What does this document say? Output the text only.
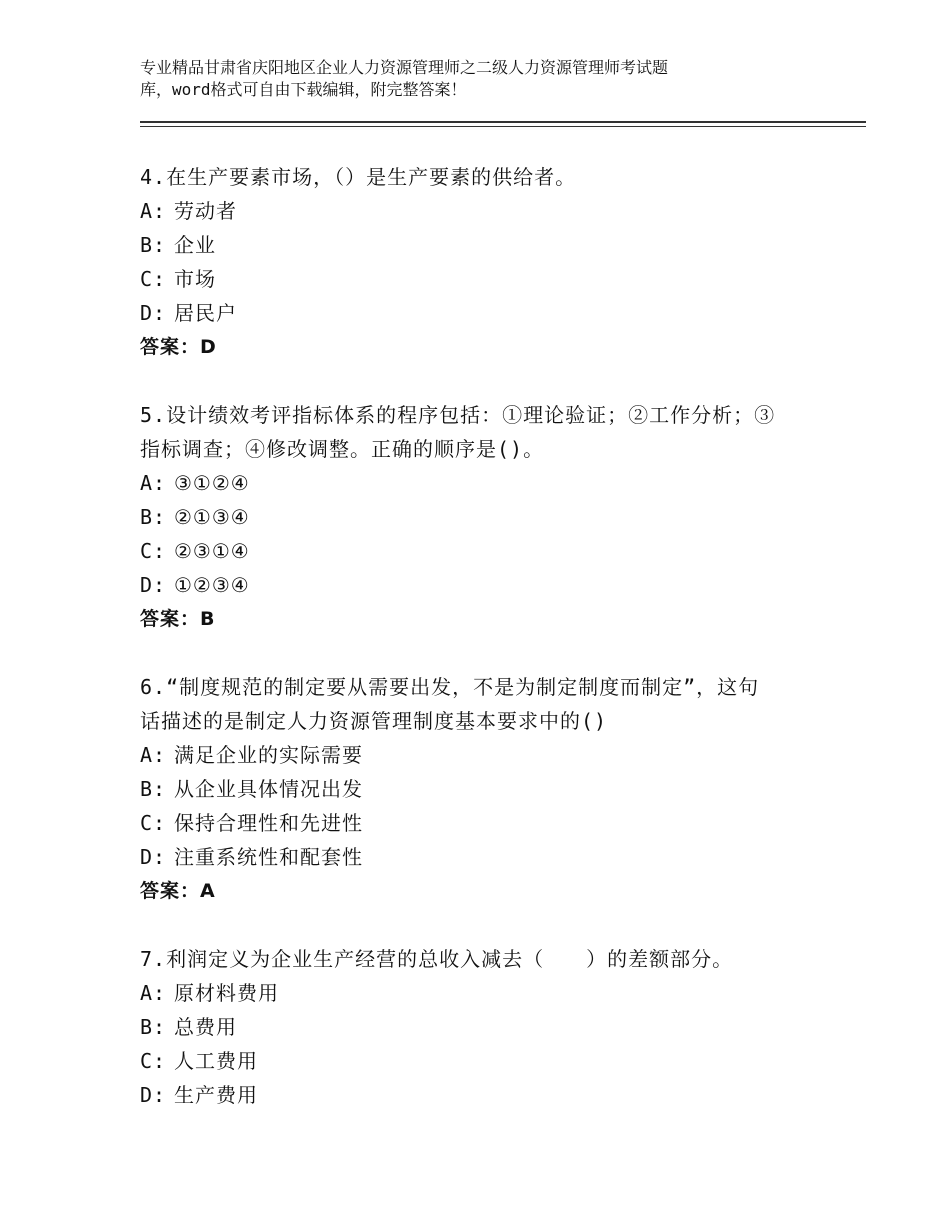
专业精品甘肃省庆阳地区企业人力资源管理师之二级人力资源管理师考试题
库，word格式可自由下载编辑，附完整答案！

4.在生产要素市场，（）是生产要素的供给者。

A: 劳动者
B: 企业
C: 市场
D: 居民户
答案：D

5.设计绩效考评指标体系的程序包括：①理论验证；②工作分析；③
指标调查；④修改调整。正确的顺序是()。

A: ③①②④
B: ②①③④
C: ②③①④
D: ①②③④
答案：B

6.“制度规范的制定要从需要出发，不是为制定制度而制定”，这句
话描述的是制定人力资源管理制度基本要求中的()

A: 满足企业的实际需要
B: 从企业具体情况出发
C: 保持合理性和先进性
D: 注重系统性和配套性
答案：A

7.利润定义为企业生产经营的总收入减去（　　）的差额部分。

A: 原材料费用
B: 总费用
C: 人工费用
D: 生产费用
